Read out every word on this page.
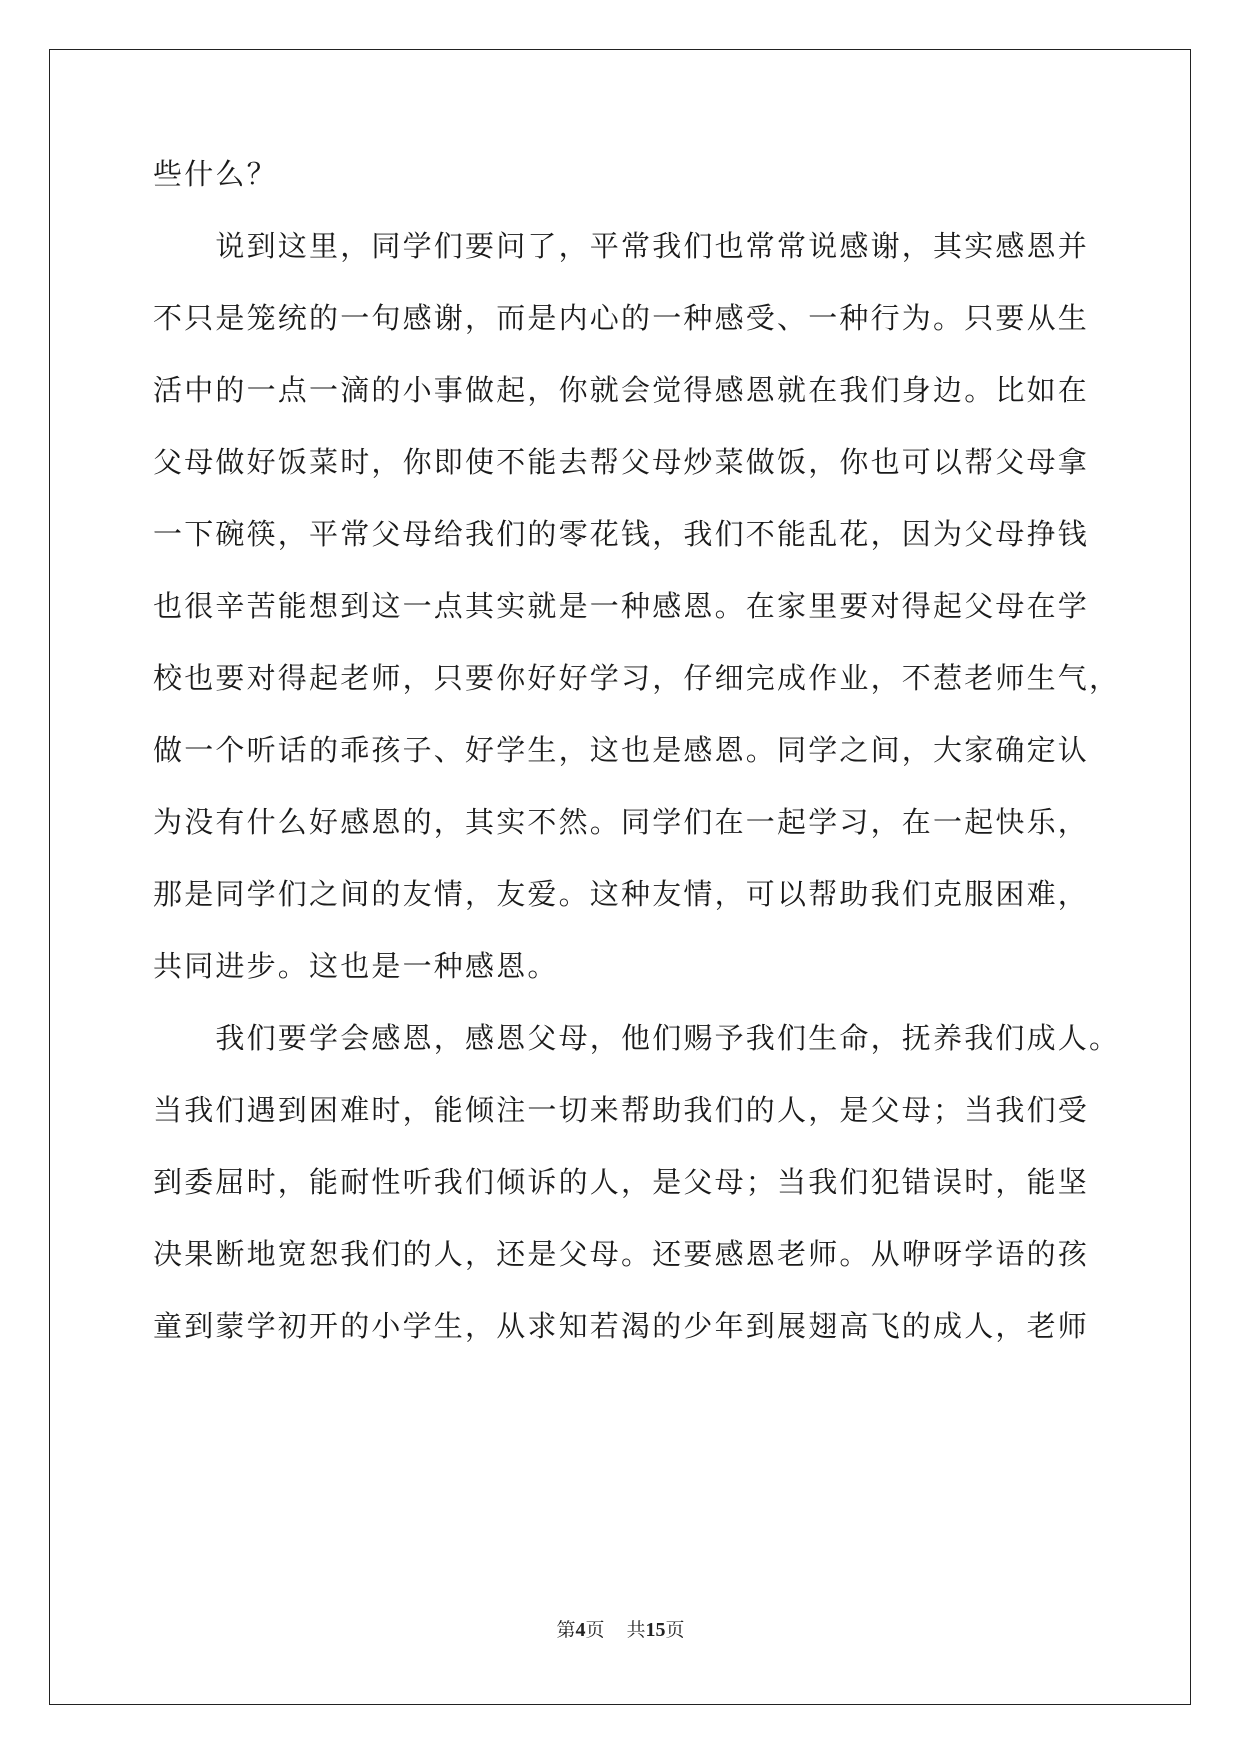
些什么？
　　说到这里，同学们要问了，平常我们也常常说感谢，其实感恩并
不只是笼统的一句感谢，而是内心的一种感受、一种行为。只要从生
活中的一点一滴的小事做起，你就会觉得感恩就在我们身边。比如在
父母做好饭菜时，你即使不能去帮父母炒菜做饭，你也可以帮父母拿
一下碗筷，平常父母给我们的零花钱，我们不能乱花，因为父母挣钱
也很辛苦能想到这一点其实就是一种感恩。在家里要对得起父母在学
校也要对得起老师，只要你好好学习，仔细完成作业，不惹老师生气，
做一个听话的乖孩子、好学生，这也是感恩。同学之间，大家确定认
为没有什么好感恩的，其实不然。同学们在一起学习，在一起快乐，
那是同学们之间的友情，友爱。这种友情，可以帮助我们克服困难，
共同进步。这也是一种感恩。
　　我们要学会感恩，感恩父母，他们赐予我们生命，抚养我们成人。
当我们遇到困难时，能倾注一切来帮助我们的人，是父母；当我们受
到委屈时，能耐性听我们倾诉的人，是父母；当我们犯错误时，能坚
决果断地宽恕我们的人，还是父母。还要感恩老师。从咿呀学语的孩
童到蒙学初开的小学生，从求知若渴的少年到展翅高飞的成人，老师
第4页 共15页
